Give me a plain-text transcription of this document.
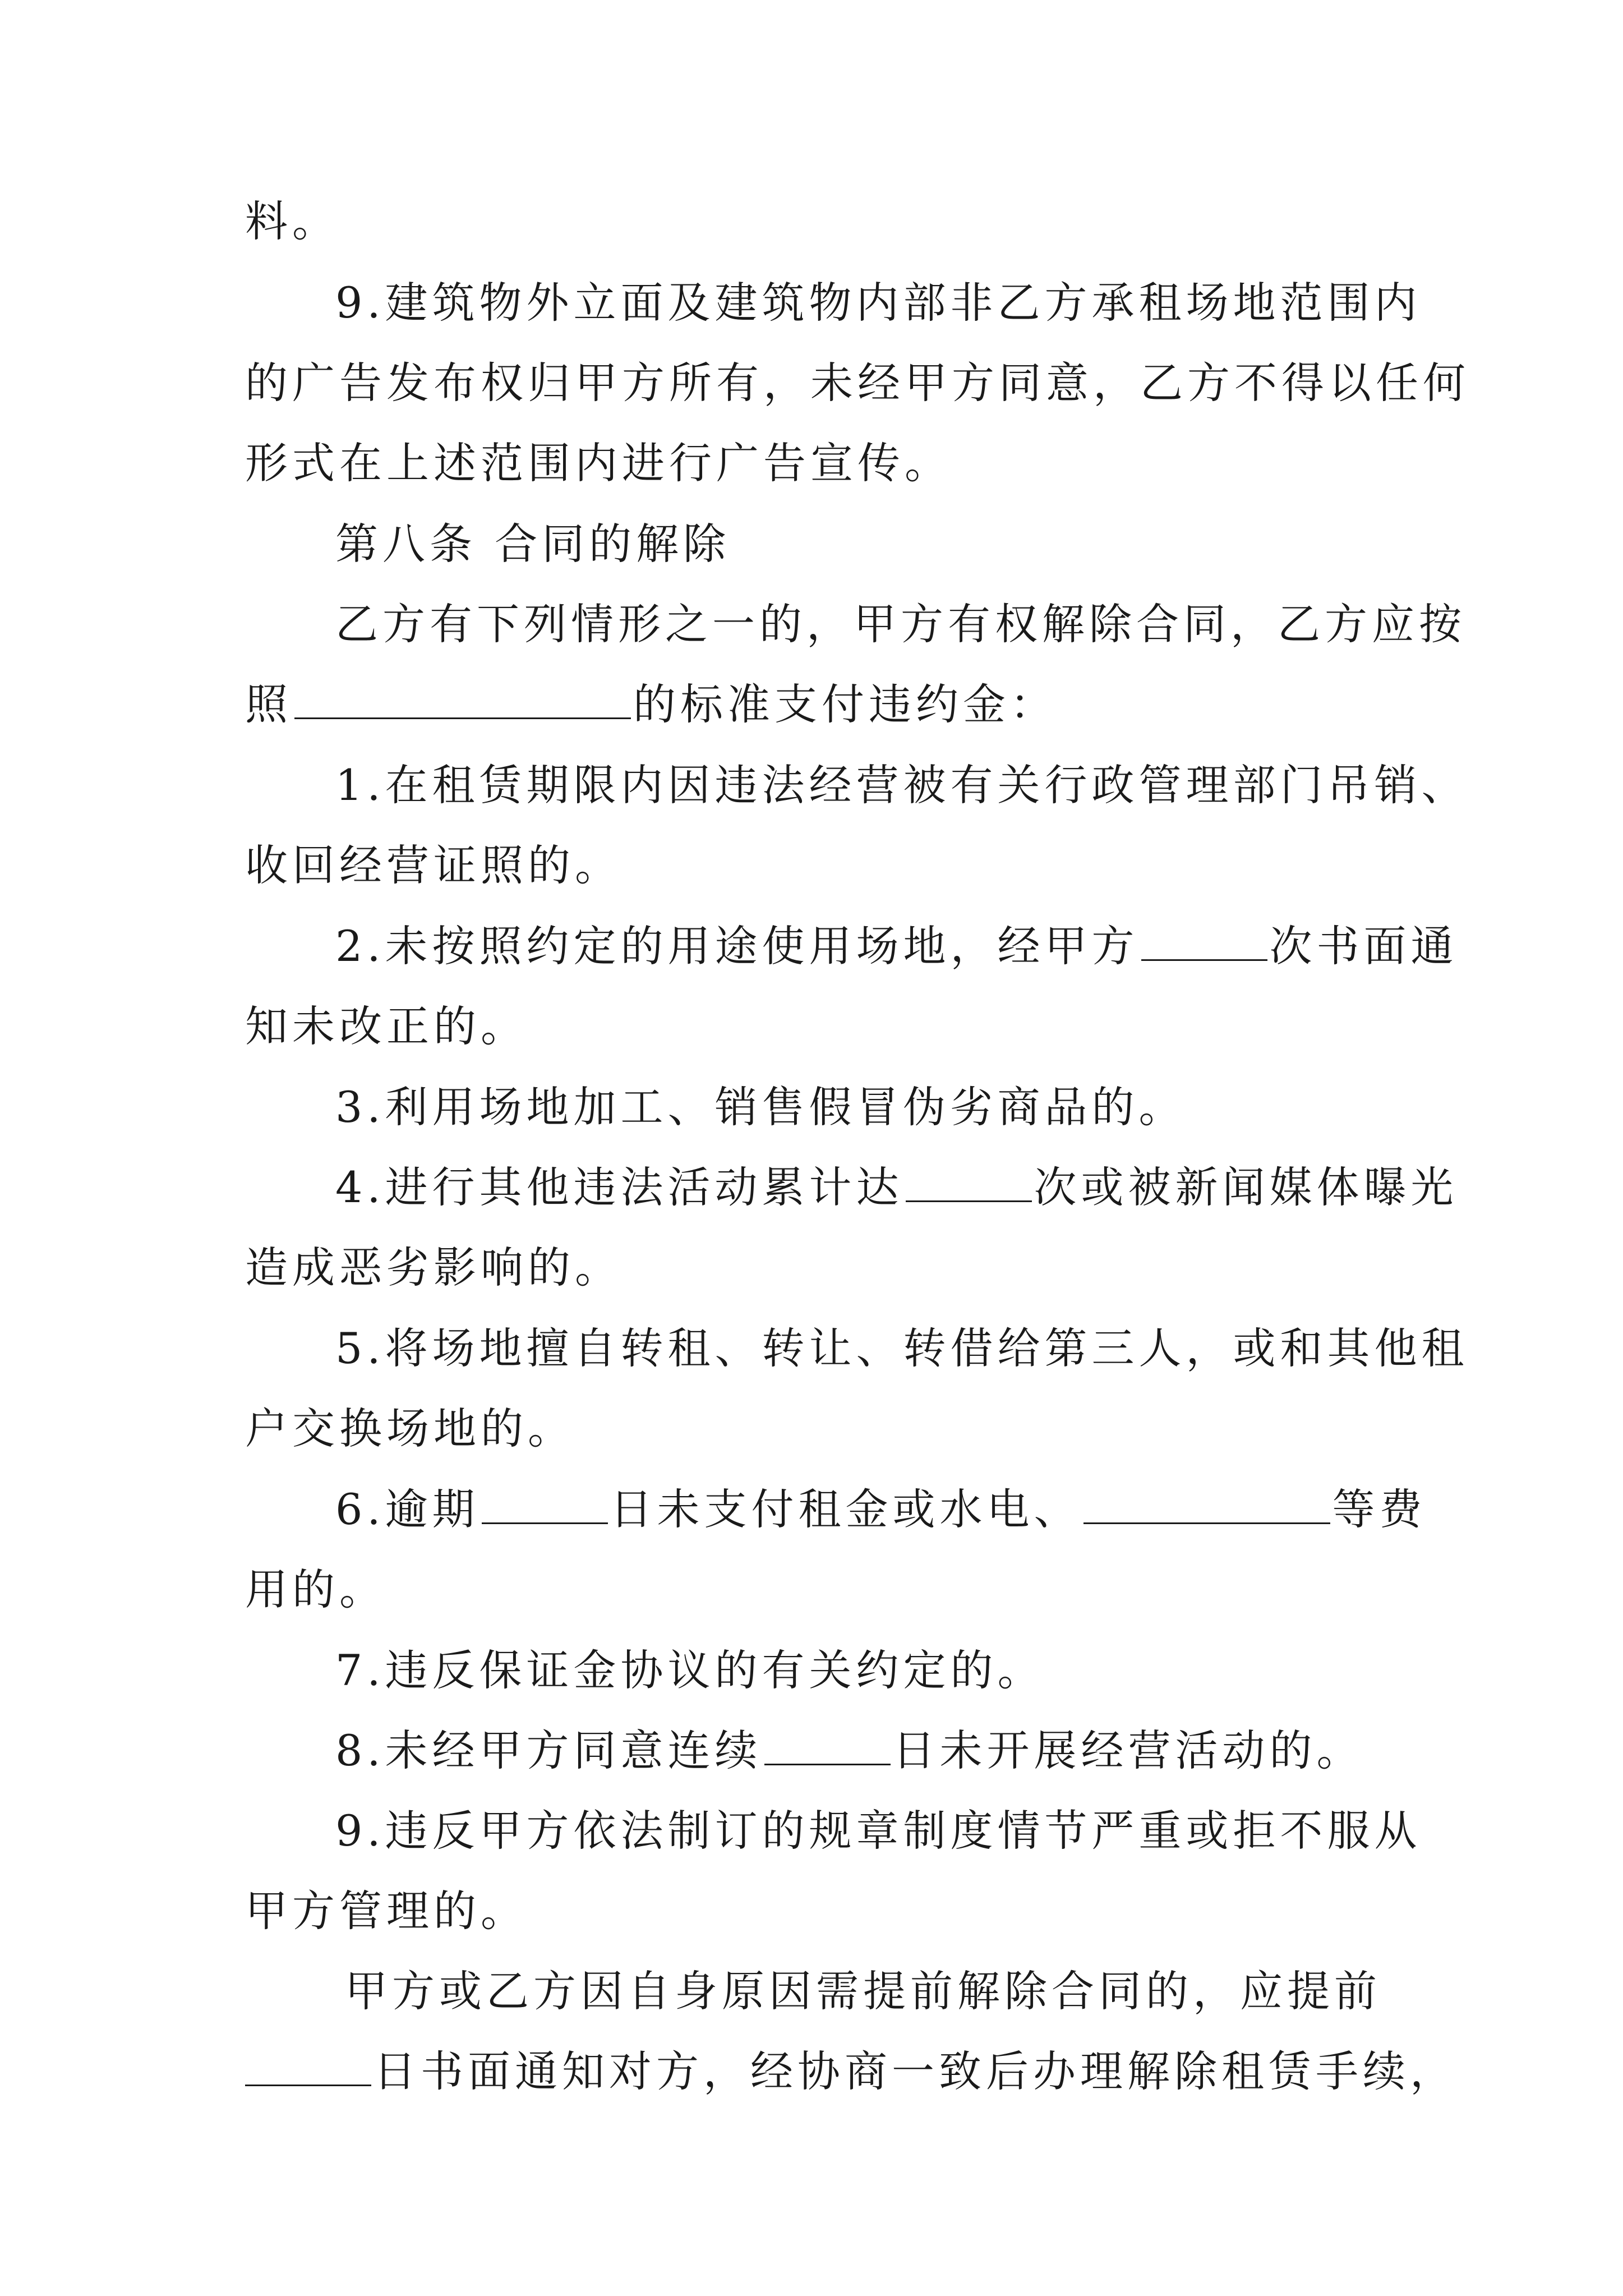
料。
9.建筑物外立面及建筑物内部非乙方承租场地范围内
的广告发布权归甲方所有，未经甲方同意，乙方不得以任何
形式在上述范围内进行广告宣传。
第八条 合同的解除
乙方有下列情形之一的，甲方有权解除合同，乙方应按
照	的标准支付违约金：
1.在租赁期限内因违法经营被有关行政管理部门吊销、
收回经营证照的。
2.未按照约定的用途使用场地，经甲方	次书面通
知未改正的。
3.利用场地加工、销售假冒伪劣商品的。
4.进行其他违法活动累计达	次或被新闻媒体曝光
造成恶劣影响的。
5.将场地擅自转租、转让、转借给第三人，或和其他租
户交换场地的。
6.逾期	日未支付租金或水电、	等费
用的。
7.违反保证金协议的有关约定的。
8.未经甲方同意连续	日未开展经营活动的。
9.违反甲方依法制订的规章制度情节严重或拒不服从
甲方管理的。
甲方或乙方因自身原因需提前解除合同的，应提前
日书面通知对方，经协商一致后办理解除租赁手续，
